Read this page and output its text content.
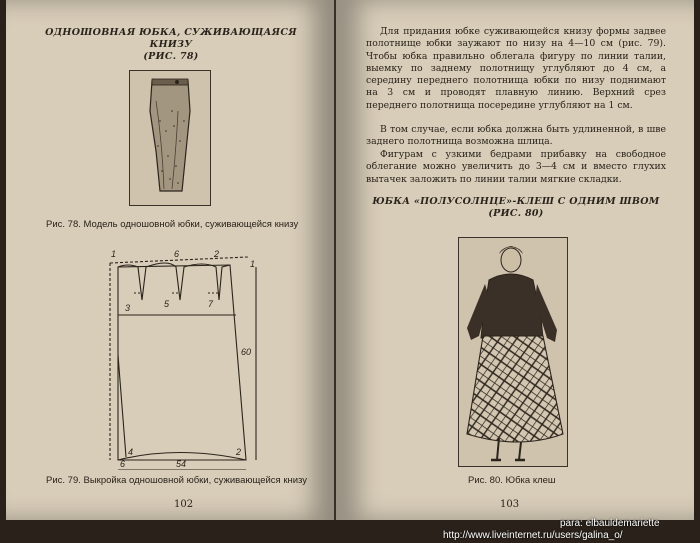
ОДНОШОВНАЯ ЮБКА, СУЖИВАЮЩАЯСЯ КНИЗУ
(РИС. 78)
Рис. 78. Модель одношовной юбки, суживающейся книзу
1	6	2
1
3	5	7
60
6	54
4	2
Рис. 79. Выкройка одношовной юбки, суживающейся книзу
102

Для придания юбке суживающейся книзу формы задвее полотнище юбки заужают по низу на 4—10 см (рис. 79). Чтобы юбка правильно облегала фигуру по линии талии, выемку по заднему полотнищу углубляют до 4 см, а середину переднего полотнища юбки по низу поднимают на 3 см и проводят плавную линию. Верхний срез переднего полотнища посередине углубляют на 1 см.

В том случае, если юбка должна быть удлиненной, в шве заднего полотнища возможна шлица.

Фигурам с узкими бедрами прибавку на свободное облегание можно увеличить до 3—4 см и вместо глухих вытачек заложить по линии талии мягкие складки.

ЮБКА «ПОЛУСОЛНЦЕ»-КЛЕШ С ОДНИМ ШВОМ
(РИС. 80)
Рис. 80. Юбка клеш
103
para: elbauldemariette
http://www.liveinternet.ru/users/galina_o/
